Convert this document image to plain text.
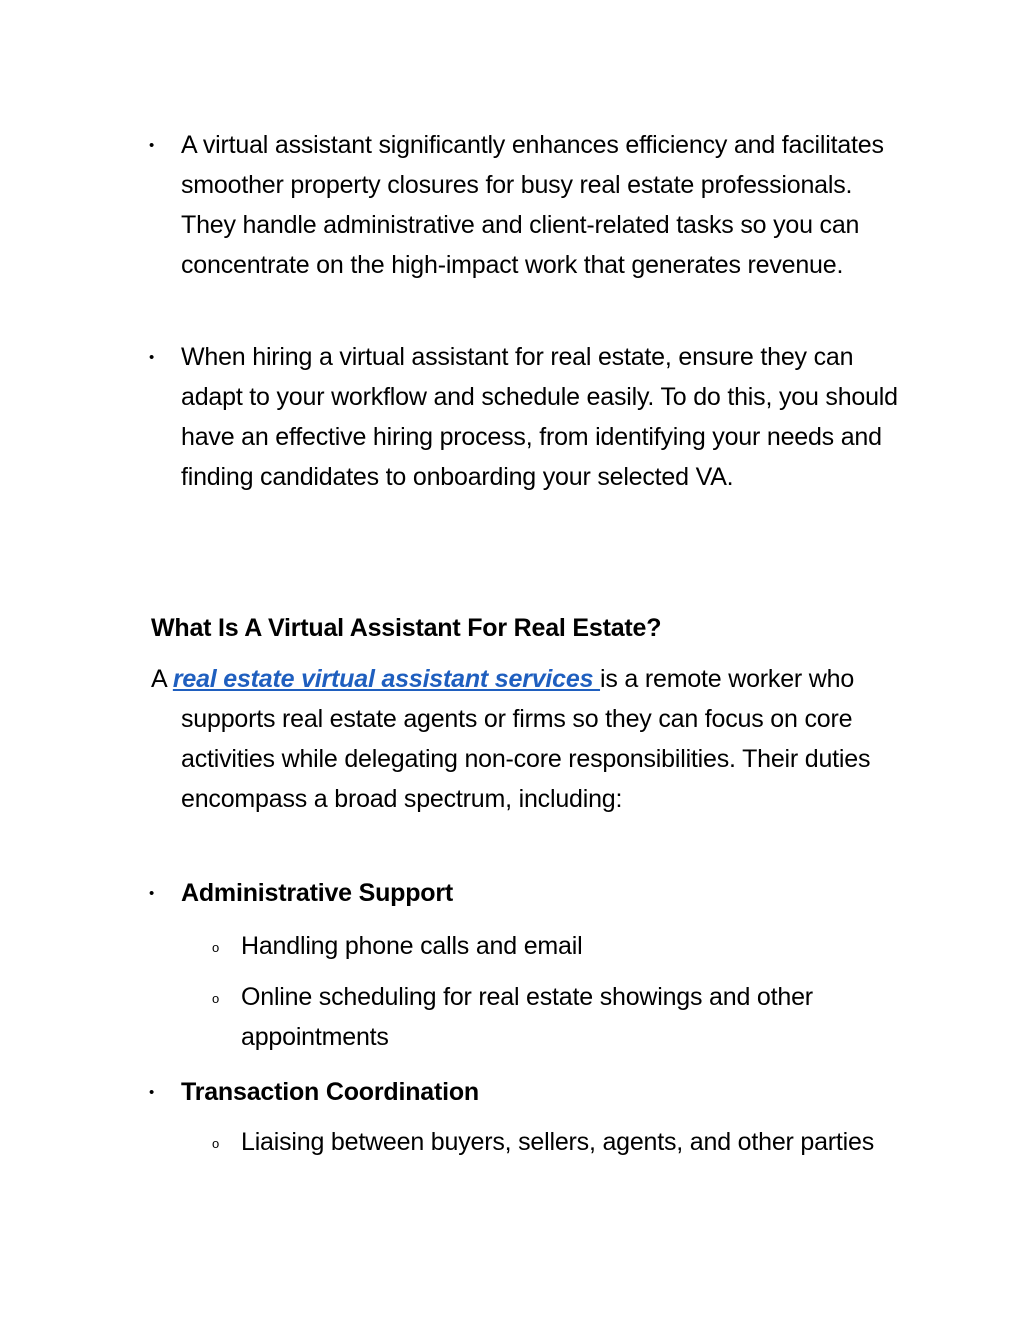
• A virtual assistant significantly enhances efficiency and facilitates smoother property closures for busy real estate professionals. They handle administrative and client-related tasks so you can concentrate on the high-impact work that generates revenue.
• When hiring a virtual assistant for real estate, ensure they can adapt to your workflow and schedule easily. To do this, you should have an effective hiring process, from identifying your needs and finding candidates to onboarding your selected VA.
What Is A Virtual Assistant For Real Estate?
A real estate virtual assistant services is a remote worker who supports real estate agents or firms so they can focus on core activities while delegating non-core responsibilities. Their duties encompass a broad spectrum, including:
• Administrative Support
o Handling phone calls and email
o Online scheduling for real estate showings and other appointments
• Transaction Coordination
o Liaising between buyers, sellers, agents, and other parties
